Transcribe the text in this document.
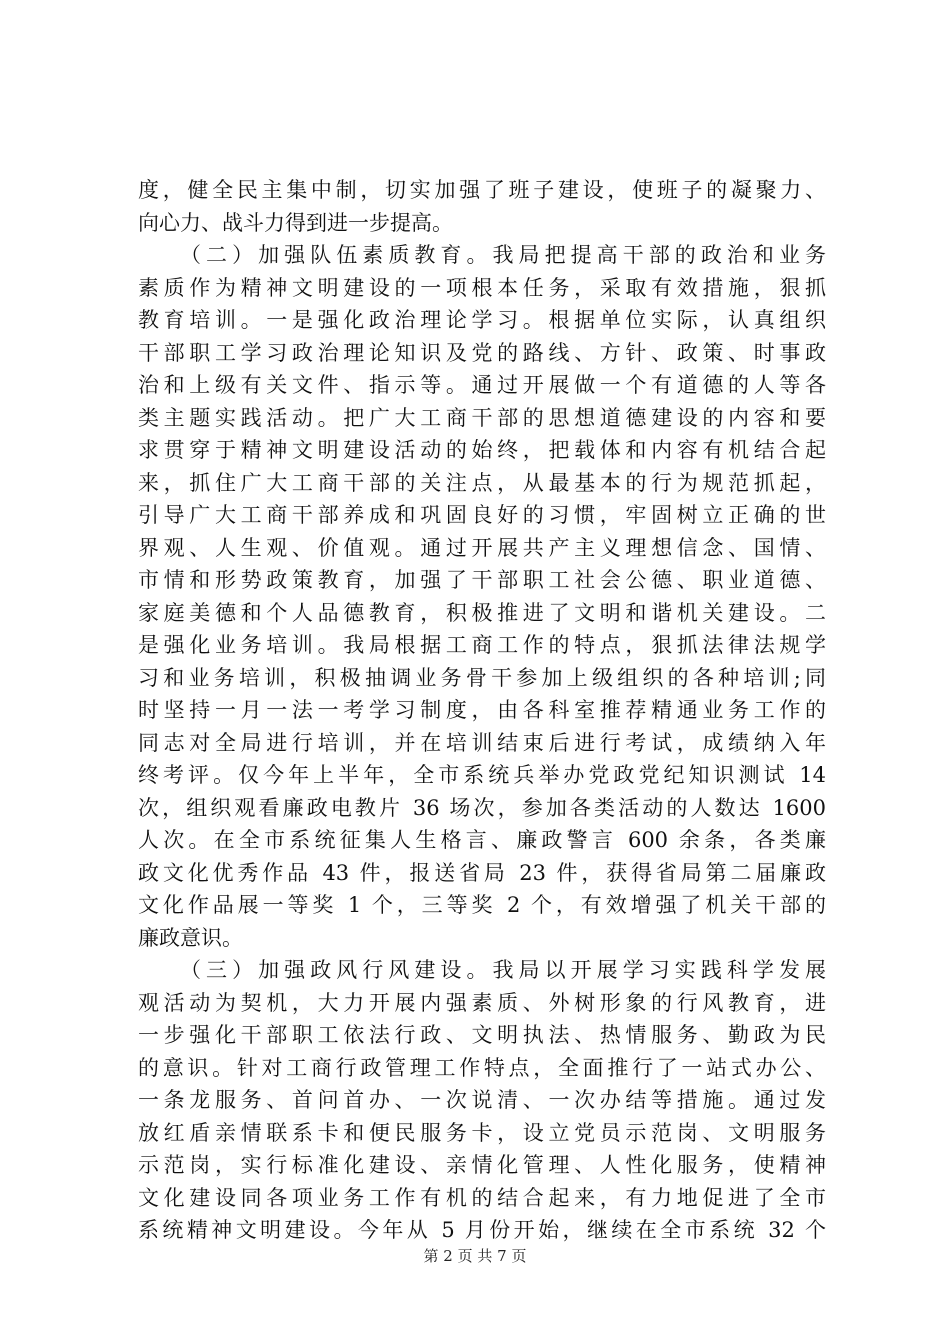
度，健全民主集中制，切实加强了班子建设，使班子的凝聚力、
向心力、战斗力得到进一步提高。
（二）加强队伍素质教育。我局把提高干部的政治和业务
素质作为精神文明建设的一项根本任务，采取有效措施，狠抓
教育培训。一是强化政治理论学习。根据单位实际，认真组织
干部职工学习政治理论知识及党的路线、方针、政策、时事政
治和上级有关文件、指示等。通过开展做一个有道德的人等各
类主题实践活动。把广大工商干部的思想道德建设的内容和要
求贯穿于精神文明建设活动的始终，把载体和内容有机结合起
来，抓住广大工商干部的关注点，从最基本的行为规范抓起，
引导广大工商干部养成和巩固良好的习惯，牢固树立正确的世
界观、人生观、价值观。通过开展共产主义理想信念、国情、
市情和形势政策教育，加强了干部职工社会公德、职业道德、
家庭美德和个人品德教育，积极推进了文明和谐机关建设。二
是强化业务培训。我局根据工商工作的特点，狠抓法律法规学
习和业务培训，积极抽调业务骨干参加上级组织的各种培训;同
时坚持一月一法一考学习制度，由各科室推荐精通业务工作的
同志对全局进行培训，并在培训结束后进行考试，成绩纳入年
终考评。仅今年上半年，全市系统兵举办党政党纪知识测试 14
次，组织观看廉政电教片 36 场次，参加各类活动的人数达 1600
人次。在全市系统征集人生格言、廉政警言 600 余条，各类廉
政文化优秀作品 43 件，报送省局 23 件，获得省局第二届廉政
文化作品展一等奖 1 个，三等奖 2 个，有效增强了机关干部的
廉政意识。
（三）加强政风行风建设。我局以开展学习实践科学发展
观活动为契机，大力开展内强素质、外树形象的行风教育，进
一步强化干部职工依法行政、文明执法、热情服务、勤政为民
的意识。针对工商行政管理工作特点，全面推行了一站式办公、
一条龙服务、首问首办、一次说清、一次办结等措施。通过发
放红盾亲情联系卡和便民服务卡，设立党员示范岗、文明服务
示范岗，实行标准化建设、亲情化管理、人性化服务，使精神
文化建设同各项业务工作有机的结合起来，有力地促进了全市
系统精神文明建设。今年从 5 月份开始，继续在全市系统 32 个
第 2 页 共 7 页
